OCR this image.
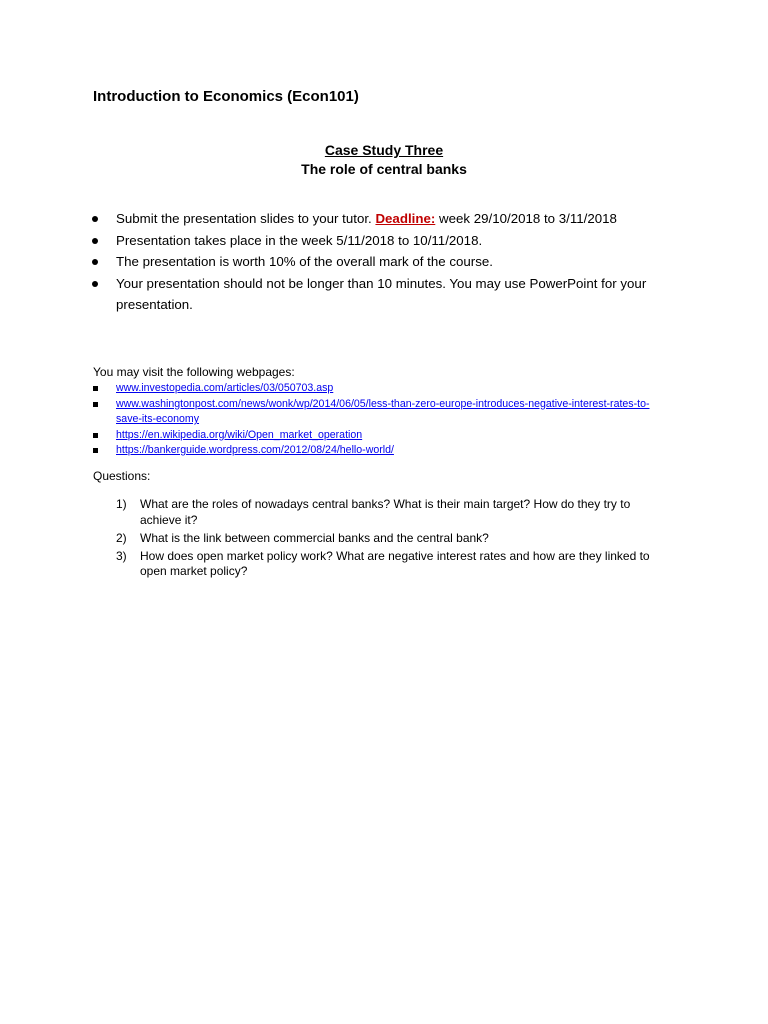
Introduction to Economics (Econ101)
Case Study Three
The role of central banks
Submit the presentation slides to your tutor. Deadline: week 29/10/2018 to 3/11/2018
Presentation takes place in the week 5/11/2018 to 10/11/2018.
The presentation is worth 10% of the overall mark of the course.
Your presentation should not be longer than 10 minutes. You may use PowerPoint for your presentation.

You may visit the following webpages:

www.investopedia.com/articles/03/050703.asp
www.washingtonpost.com/news/wonk/wp/2014/06/05/less-than-zero-europe-introduces-negative-interest-rates-to-save-its-economy
https://en.wikipedia.org/wiki/Open_market_operation
https://bankerguide.wordpress.com/2012/08/24/hello-world/

Questions:

1) What are the roles of nowadays central banks? What is their main target? How do they try to achieve it?
2) What is the link between commercial banks and the central bank?
3) How does open market policy work? What are negative interest rates and how are they linked to open market policy?
